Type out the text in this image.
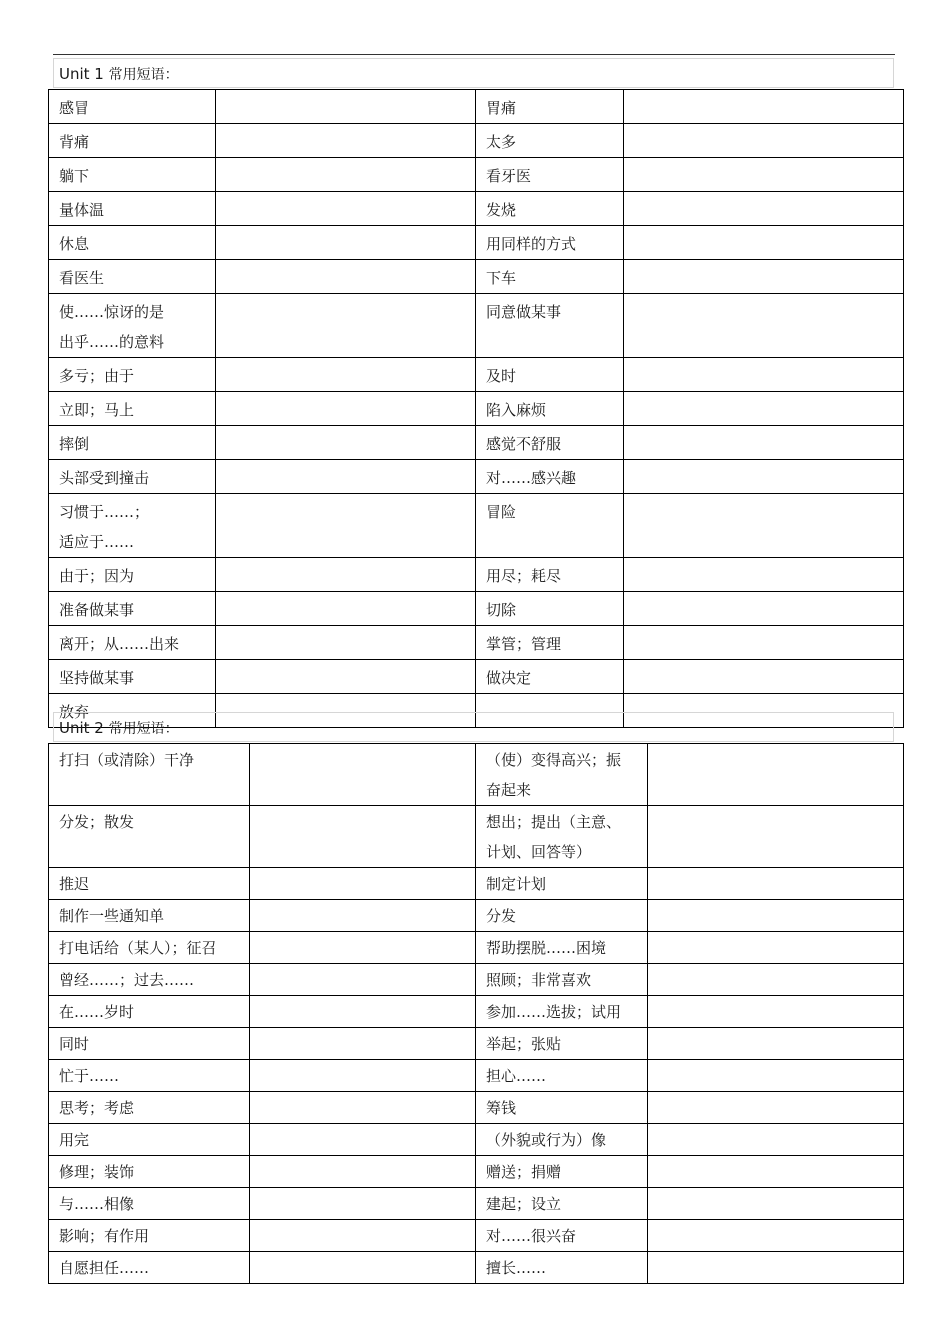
Unit 1 常用短语：
感冒		胃痛	

背痛		太多	

躺下		看牙医	

量体温		发烧	

休息		用同样的方式	

看医生		下车	

使……惊讶的是
出乎……的意料		同意做某事	

多亏；由于		及时	

立即；马上		陷入麻烦	

摔倒		感觉不舒服	

头部受到撞击		对……感兴趣	

习惯于……；
适应于……		冒险	

由于；因为		用尽；耗尽	

准备做某事		切除	

离开；从……出来		掌管；管理	

坚持做某事		做决定	

放弃			

Unit 2 常用短语：
打扫（或清除）干净		（使）变得高兴；振
奋起来	

分发；散发		想出；提出（主意、
计划、回答等）	

推迟		制定计划	

制作一些通知单		分发	

打电话给（某人）；征召		帮助摆脱……困境	

曾经……；过去……		照顾；非常喜欢	

在……岁时		参加……选拔；试用	

同时		举起；张贴	

忙于……		担心……	

思考；考虑		筹钱	

用完		（外貌或行为）像	

修理；装饰		赠送；捐赠	

与……相像		建起；设立	

影响；有作用		对……很兴奋	

自愿担任……		擅长……	
